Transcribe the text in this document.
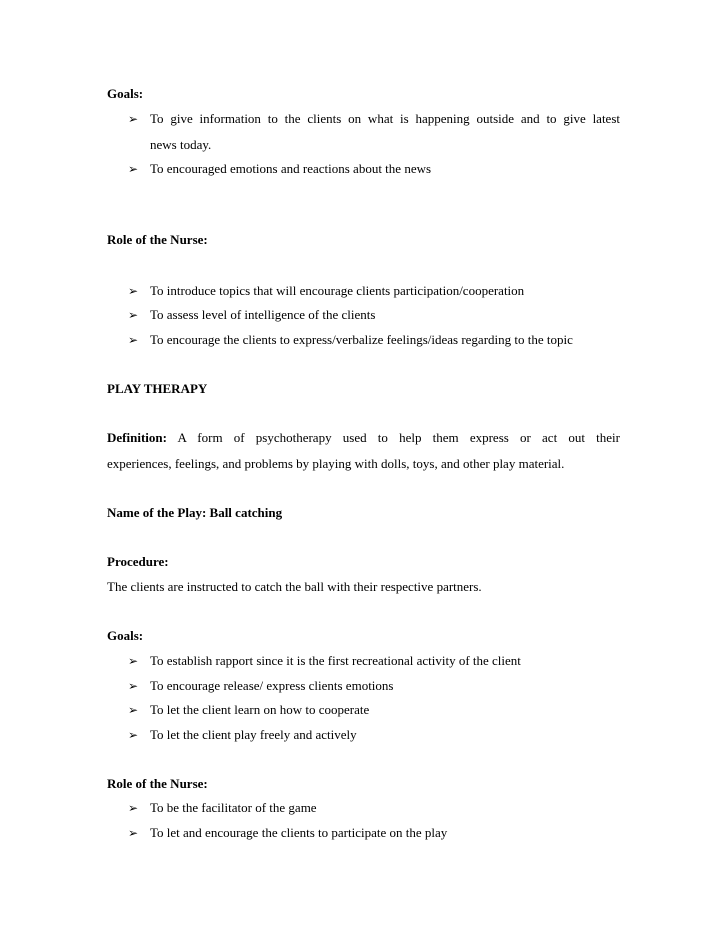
Goals:
➢ To give information to the clients on what is happening outside and to give latest
news today.
➢ To encouraged emotions and reactions about the news
Role of the Nurse:
➢ To introduce topics that will encourage clients participation/cooperation
➢ To assess level of intelligence of the clients
➢ To encourage the clients to express/verbalize feelings/ideas regarding to the topic
PLAY THERAPY
Definition: A form of psychotherapy used to help them express or act out their
experiences, feelings, and problems by playing with dolls, toys, and other play material.
Name of the Play: Ball catching
Procedure:
The clients are instructed to catch the ball with their respective partners.
Goals:
➢ To establish rapport since it is the first recreational activity of the client
➢ To encourage release/ express clients emotions
➢ To let the client learn on how to cooperate
➢ To let the client play freely and actively
Role of the Nurse:
➢ To be the facilitator of the game
➢ To let and encourage the clients to participate on the play
